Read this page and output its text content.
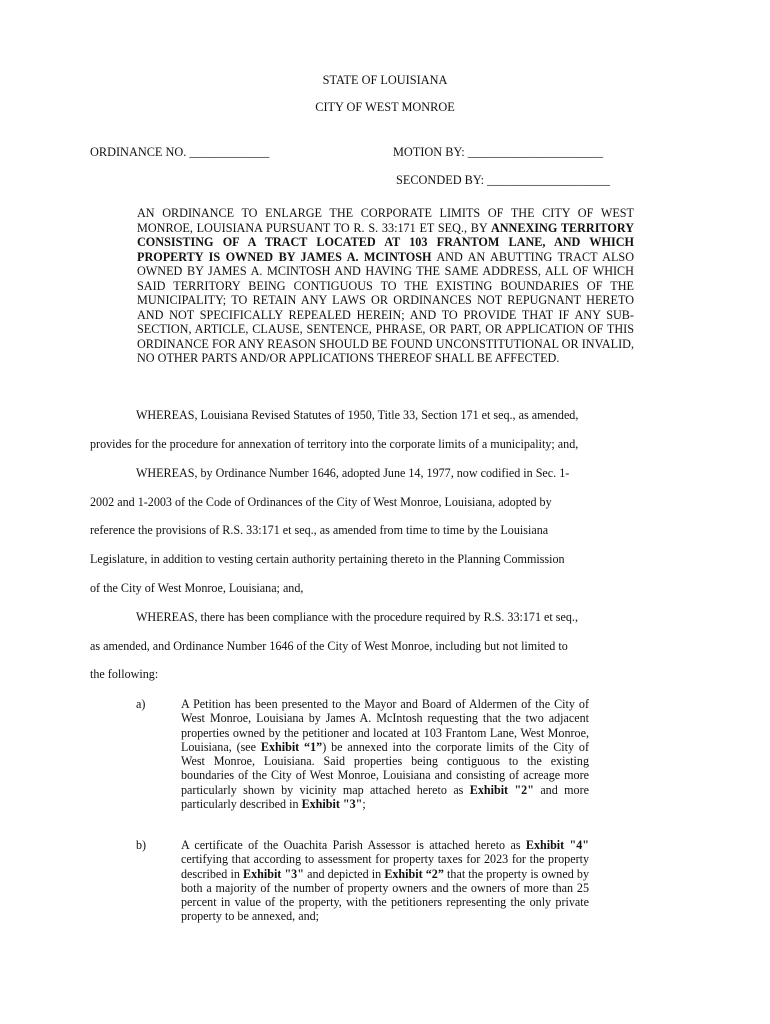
STATE OF LOUISIANA
CITY OF WEST MONROE
ORDINANCE NO. _____________	MOTION BY: ______________________
SECONDED BY: ____________________
AN ORDINANCE TO ENLARGE THE CORPORATE LIMITS OF THE CITY OF WEST MONROE, LOUISIANA PURSUANT TO R. S. 33:171 ET SEQ., BY ANNEXING TERRITORY CONSISTING OF A TRACT LOCATED AT 103 FRANTOM LANE, AND WHICH PROPERTY IS OWNED BY JAMES A. MCINTOSH AND AN ABUTTING TRACT ALSO OWNED BY JAMES A. MCINTOSH AND HAVING THE SAME ADDRESS, ALL OF WHICH SAID TERRITORY BEING CONTIGUOUS TO THE EXISTING BOUNDARIES OF THE MUNICIPALITY; TO RETAIN ANY LAWS OR ORDINANCES NOT REPUGNANT HERETO AND NOT SPECIFICALLY REPEALED HEREIN; AND TO PROVIDE THAT IF ANY SUB-SECTION, ARTICLE, CLAUSE, SENTENCE, PHRASE, OR PART, OR APPLICATION OF THIS ORDINANCE FOR ANY REASON SHOULD BE FOUND UNCONSTITUTIONAL OR INVALID, NO OTHER PARTS AND/OR APPLICATIONS THEREOF SHALL BE AFFECTED.
WHEREAS, Louisiana Revised Statutes of 1950, Title 33, Section 171 et seq., as amended,
provides for the procedure for annexation of territory into the corporate limits of a municipality; and,
WHEREAS, by Ordinance Number 1646, adopted June 14, 1977, now codified in Sec. 1-
2002 and 1-2003 of the Code of Ordinances of the City of West Monroe, Louisiana, adopted by
reference the provisions of R.S. 33:171 et seq., as amended from time to time by the Louisiana
Legislature, in addition to vesting certain authority pertaining thereto in the Planning Commission
of the City of West Monroe, Louisiana; and,
WHEREAS, there has been compliance with the procedure required by R.S. 33:171 et seq.,
as amended, and Ordinance Number 1646 of the City of West Monroe, including but not limited to
the following:
a)	A Petition has been presented to the Mayor and Board of Aldermen of the City of West Monroe, Louisiana by James A. McIntosh requesting that the two adjacent properties owned by the petitioner and located at 103 Frantom Lane, West Monroe, Louisiana, (see Exhibit “1”) be annexed into the corporate limits of the City of West Monroe, Louisiana. Said properties being contiguous to the existing boundaries of the City of West Monroe, Louisiana and consisting of acreage more particularly shown by vicinity map attached hereto as Exhibit "2" and more particularly described in Exhibit "3";
b)	A certificate of the Ouachita Parish Assessor is attached hereto as Exhibit "4" certifying that according to assessment for property taxes for 2023 for the property described in Exhibit "3" and depicted in Exhibit “2” that the property is owned by both a majority of the number of property owners and the owners of more than 25 percent in value of the property, with the petitioners representing the only private property to be annexed, and;
